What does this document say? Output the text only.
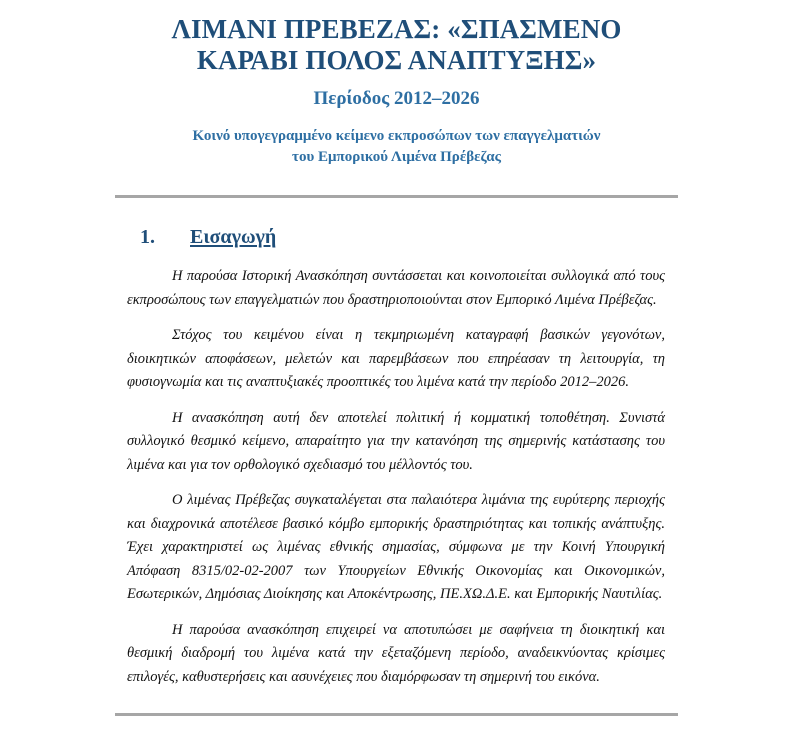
ΛΙΜΑΝΙ ΠΡΕΒΕΖΑΣ: «ΣΠΑΣΜΕΝΟ
ΚΑΡΑΒΙ ΠΟΛΟΣ ΑΝΑΠΤΥΞΗΣ»
Περίοδος 2012–2026
Κοινό υπογεγραμμένο κείμενο εκπροσώπων των επαγγελματιών
του Εμπορικού Λιμένα Πρέβεζας
1.	Εισαγωγή

Η παρούσα Ιστορική Ανασκόπηση συντάσσεται και κοινοποιείται συλλογικά από τους εκπροσώπους των επαγγελματιών που δραστηριοποιούνται στον Εμπορικό Λιμένα Πρέβεζας.

Στόχος του κειμένου είναι η τεκμηριωμένη καταγραφή βασικών γεγονότων, διοικητικών αποφάσεων, μελετών και παρεμβάσεων που επηρέασαν τη λειτουργία, τη φυσιογνωμία και τις αναπτυξιακές προοπτικές του λιμένα κατά την περίοδο 2012–2026.

Η ανασκόπηση αυτή δεν αποτελεί πολιτική ή κομματική τοποθέτηση. Συνιστά συλλογικό θεσμικό κείμενο, απαραίτητο για την κατανόηση της σημερινής κατάστασης του λιμένα και για τον ορθολογικό σχεδιασμό του μέλλοντός του.

Ο λιμένας Πρέβεζας συγκαταλέγεται στα παλαιότερα λιμάνια της ευρύτερης περιοχής και διαχρονικά αποτέλεσε βασικό κόμβο εμπορικής δραστηριότητας και τοπικής ανάπτυξης. Έχει χαρακτηριστεί ως λιμένας εθνικής σημασίας, σύμφωνα με την Κοινή Υπουργική Απόφαση 8315/02-02-2007 των Υπουργείων Εθνικής Οικονομίας και Οικονομικών, Εσωτερικών, Δημόσιας Διοίκησης και Αποκέντρωσης, ΠΕ.ΧΩ.Δ.Ε. και Εμπορικής Ναυτιλίας.

Η παρούσα ανασκόπηση επιχειρεί να αποτυπώσει με σαφήνεια τη διοικητική και θεσμική διαδρομή του λιμένα κατά την εξεταζόμενη περίοδο, αναδεικνύοντας κρίσιμες επιλογές, καθυστερήσεις και ασυνέχειες που διαμόρφωσαν τη σημερινή του εικόνα.
